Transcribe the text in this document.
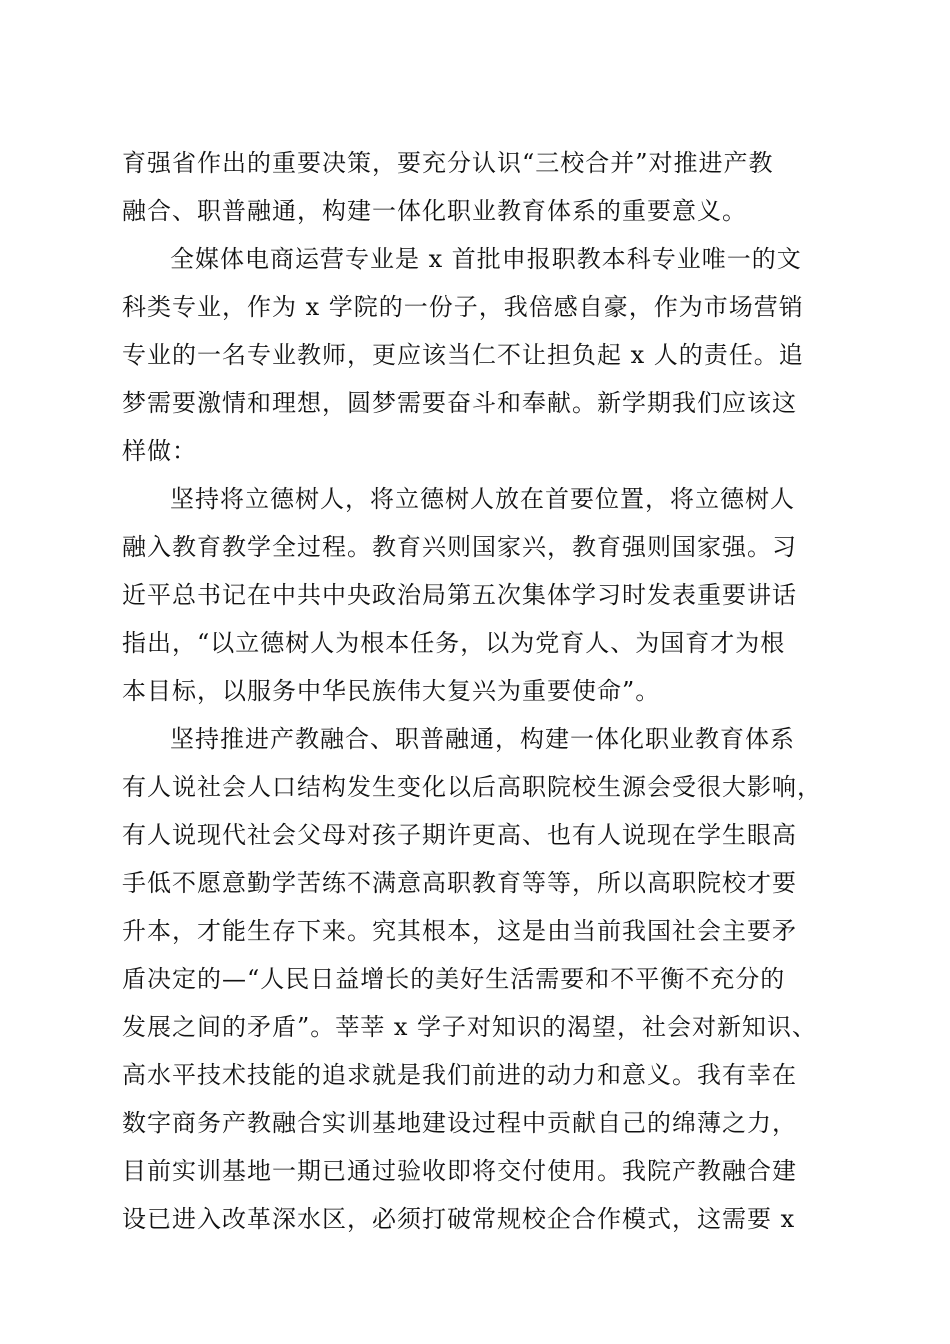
育强省作出的重要决策，要充分认识“三校合并”对推进产教
融合、职普融通，构建一体化职业教育体系的重要意义。
全媒体电商运营专业是 x 首批申报职教本科专业唯一的文
科类专业，作为 x 学院的一份子，我倍感自豪，作为市场营销
专业的一名专业教师，更应该当仁不让担负起 x 人的责任。追
梦需要激情和理想，圆梦需要奋斗和奉献。新学期我们应该这
样做：
坚持将立德树人，将立德树人放在首要位置，将立德树人
融入教育教学全过程。教育兴则国家兴，教育强则国家强。习
近平总书记在中共中央政治局第五次集体学习时发表重要讲话
指出，“以立德树人为根本任务，以为党育人、为国育才为根
本目标，以服务中华民族伟大复兴为重要使命”。
坚持推进产教融合、职普融通，构建一体化职业教育体系
有人说社会人口结构发生变化以后高职院校生源会受很大影响，
有人说现代社会父母对孩子期许更高、也有人说现在学生眼高
手低不愿意勤学苦练不满意高职教育等等，所以高职院校才要
升本，才能生存下来。究其根本，这是由当前我国社会主要矛
盾决定的—“人民日益增长的美好生活需要和不平衡不充分的
发展之间的矛盾”。莘莘 x 学子对知识的渴望，社会对新知识、
高水平技术技能的追求就是我们前进的动力和意义。我有幸在
数字商务产教融合实训基地建设过程中贡献自己的绵薄之力，
目前实训基地一期已通过验收即将交付使用。我院产教融合建
设已进入改革深水区，必须打破常规校企合作模式，这需要 x
